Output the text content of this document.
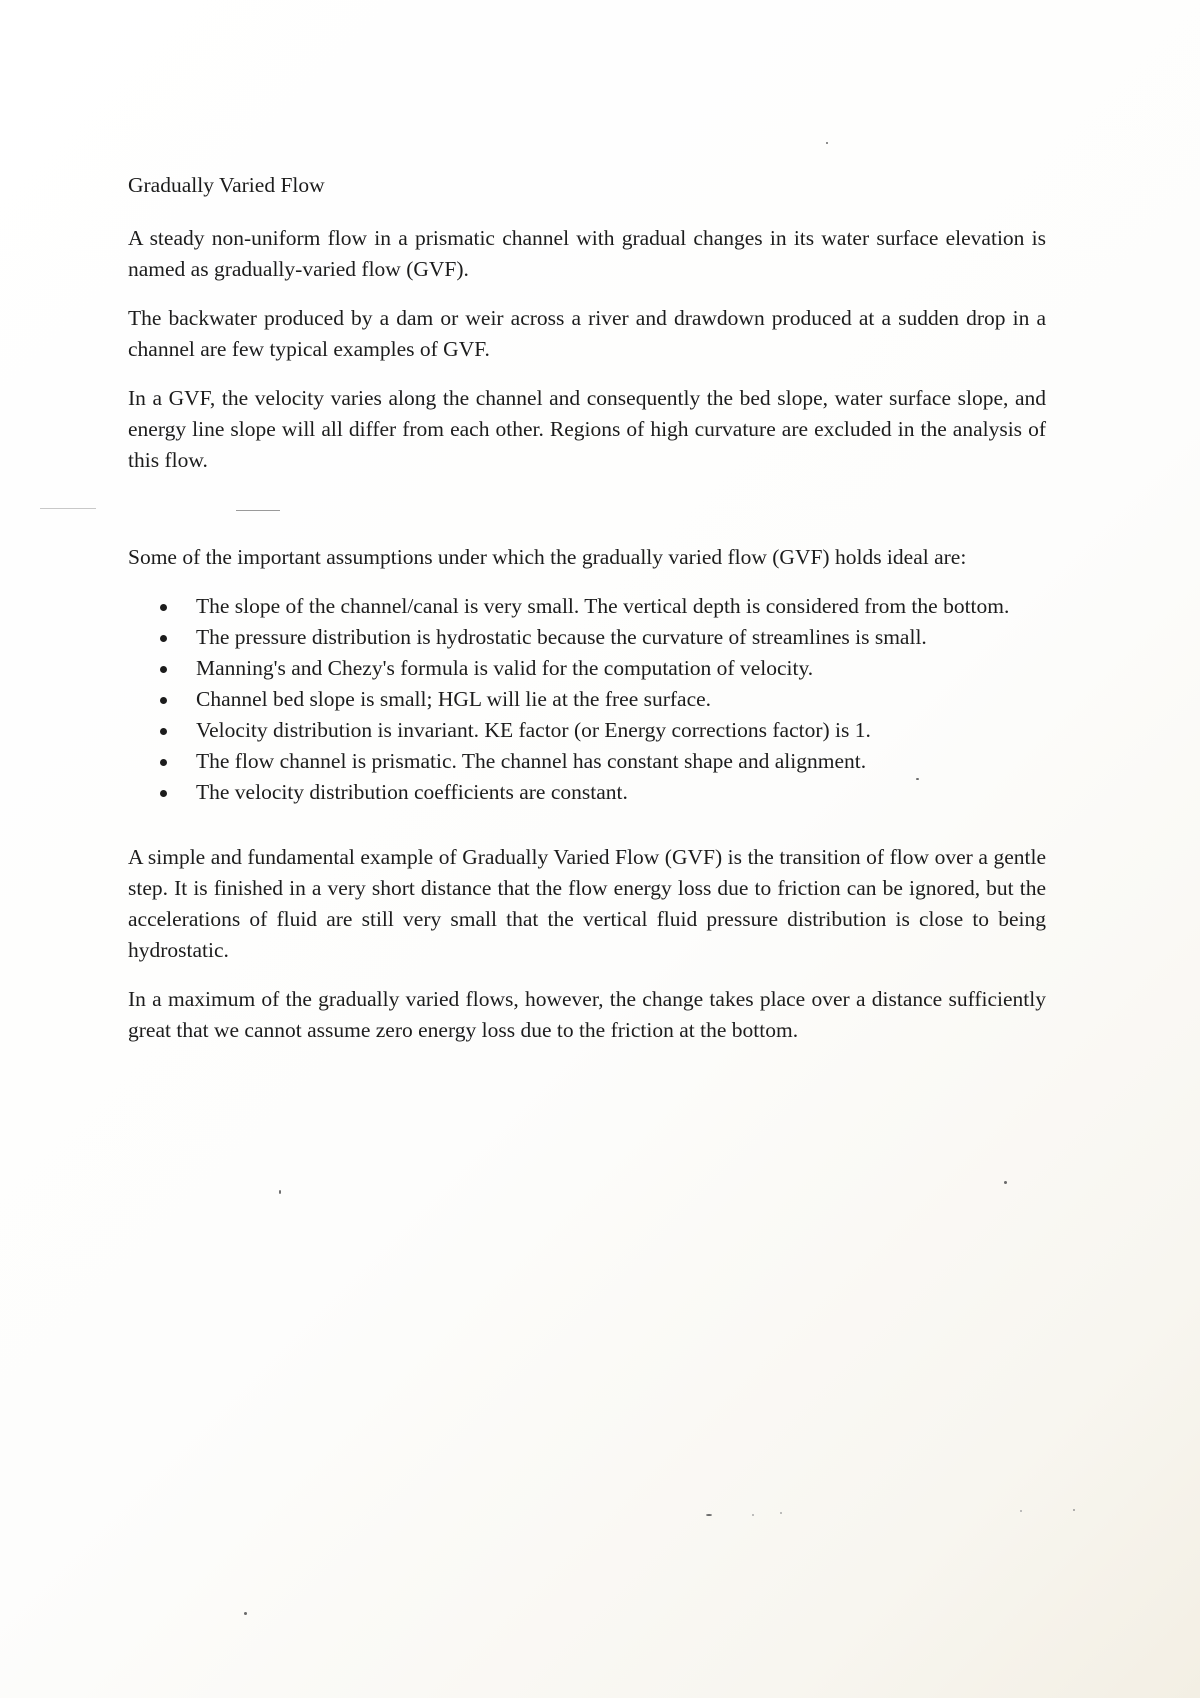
Gradually Varied Flow

A steady non-uniform flow in a prismatic channel with gradual changes in its water surface elevation is named as gradually-varied flow (GVF).

The backwater produced by a dam or weir across a river and drawdown produced at a sudden drop in a channel are few typical examples of GVF.

In a GVF, the velocity varies along the channel and consequently the bed slope, water surface slope, and energy line slope will all differ from each other. Regions of high curvature are excluded in the analysis of this flow.

Some of the important assumptions under which the gradually varied flow (GVF) holds ideal are:

The slope of the channel/canal is very small. The vertical depth is considered from the bottom.
The pressure distribution is hydrostatic because the curvature of streamlines is small.
Manning's and Chezy's formula is valid for the computation of velocity.
Channel bed slope is small; HGL will lie at the free surface.
Velocity distribution is invariant. KE factor (or Energy corrections factor) is 1.
The flow channel is prismatic. The channel has constant shape and alignment.
The velocity distribution coefficients are constant.

A simple and fundamental example of Gradually Varied Flow (GVF) is the transition of flow over a gentle step. It is finished in a very short distance that the flow energy loss due to friction can be ignored, but the accelerations of fluid are still very small that the vertical fluid pressure distribution is close to being hydrostatic.

In a maximum of the gradually varied flows, however, the change takes place over a distance sufficiently great that we cannot assume zero energy loss due to the friction at the bottom.
